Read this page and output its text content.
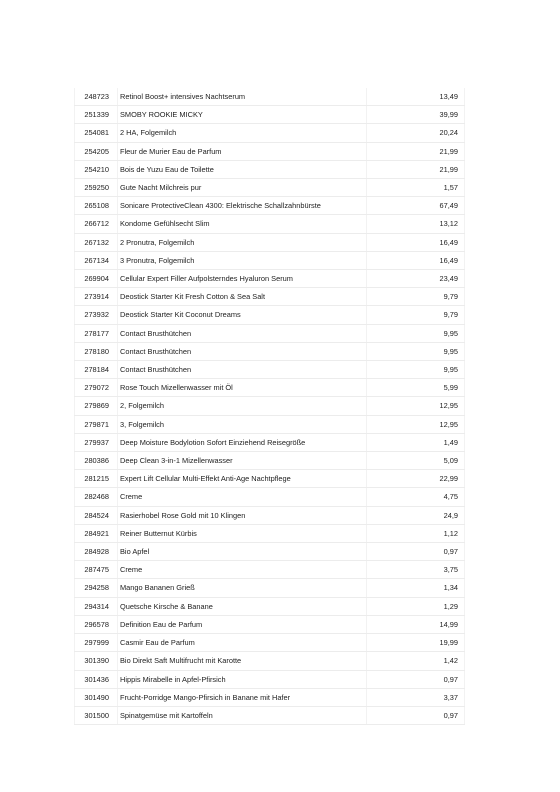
248723	Retinol Boost+ intensives Nachtserum	13,49
251339	SMOBY ROOKIE MICKY	39,99
254081	2 HA, Folgemilch	20,24
254205	Fleur de Murier Eau de Parfum	21,99
254210	Bois de Yuzu Eau de Toilette	21,99
259250	Gute Nacht Milchreis pur	1,57
265108	Sonicare ProtectiveClean 4300: Elektrische Schallzahnbürste	67,49
266712	Kondome Gefühlsecht Slim	13,12
267132	2 Pronutra, Folgemilch	16,49
267134	3 Pronutra, Folgemilch	16,49
269904	Cellular Expert Filler Aufpolsterndes Hyaluron Serum	23,49
273914	Deostick Starter Kit Fresh Cotton & Sea Salt	9,79
273932	Deostick Starter Kit Coconut Dreams	9,79
278177	Contact Brusthütchen	9,95
278180	Contact Brusthütchen	9,95
278184	Contact Brusthütchen	9,95
279072	Rose Touch Mizellenwasser mit Öl	5,99
279869	2, Folgemilch	12,95
279871	3, Folgemilch	12,95
279937	Deep Moisture Bodylotion Sofort Einziehend Reisegröße	1,49
280386	Deep Clean 3-in-1 Mizellenwasser	5,09
281215	Expert Lift Cellular Multi-Effekt Anti-Age Nachtpflege	22,99
282468	Creme	4,75
284524	Rasierhobel Rose Gold mit 10 Klingen	24,9
284921	Reiner Butternut Kürbis	1,12
284928	Bio Apfel	0,97
287475	Creme	3,75
294258	Mango Bananen Grieß	1,34
294314	Quetsche Kirsche & Banane	1,29
296578	Definition Eau de Parfum	14,99
297999	Casmir Eau de Parfum	19,99
301390	Bio Direkt Saft Multifrucht mit Karotte	1,42
301436	Hippis Mirabelle in Apfel-Pfirsich	0,97
301490	Frucht-Porridge Mango-Pfirsich in Banane mit Hafer	3,37
301500	Spinatgemüse mit Kartoffeln	0,97
